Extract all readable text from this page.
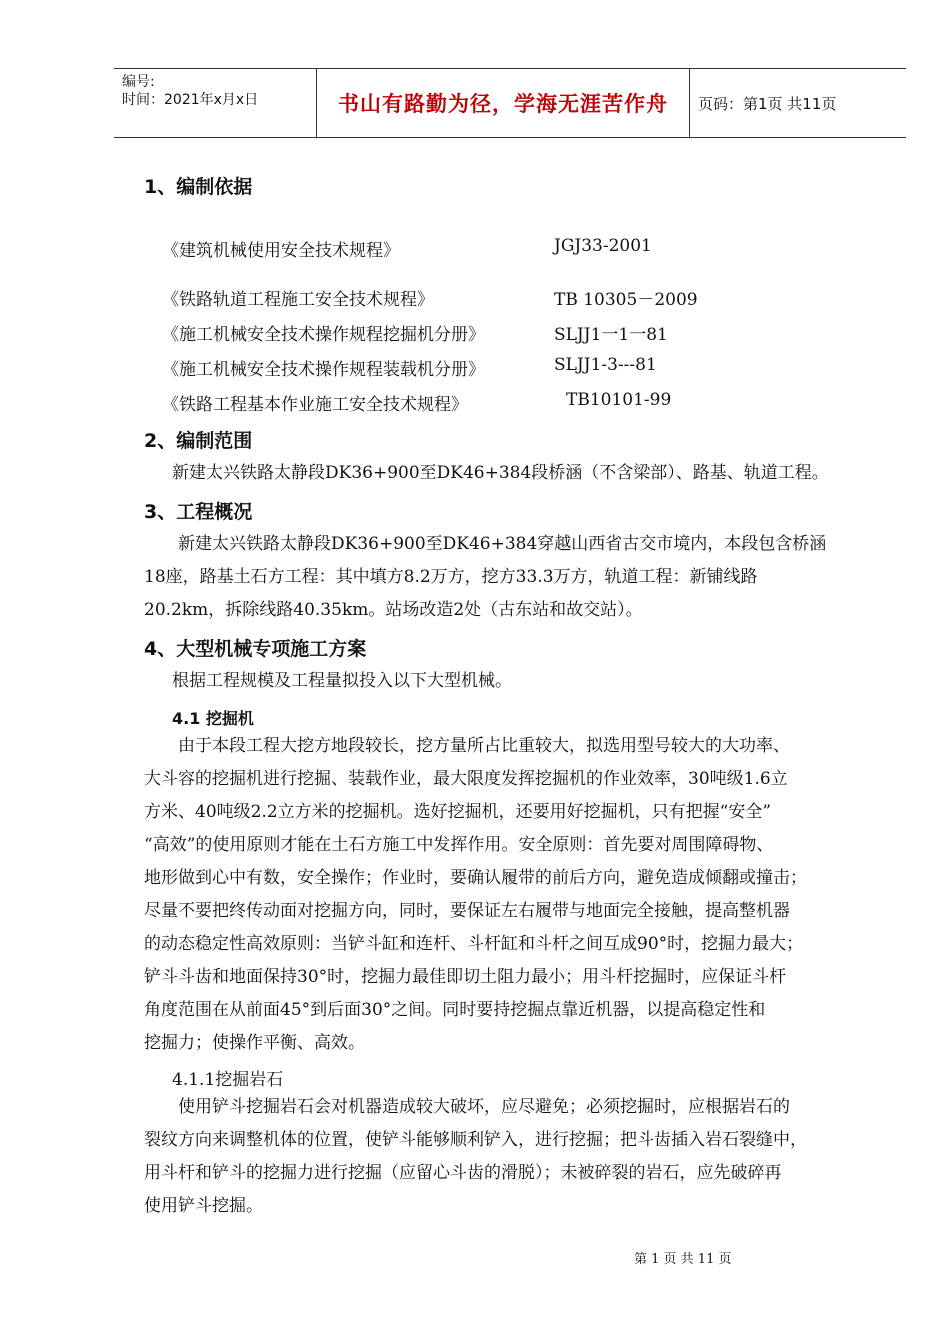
编号:
时间：2021年x月x日	书山有路勤为径，学海无涯苦作舟 页码：第1页 共11页
1、编制依据
《建筑机械使用安全技术规程》	JGJ33-2001
《铁路轨道工程施工安全技术规程》	TB 10305－2009
《施工机械安全技术操作规程挖掘机分册》	SLJJ1一1一81
《施工机械安全技术操作规程装载机分册》	SLJJ1-3---81
《铁路工程基本作业施工安全技术规程》	TB10101-99
2、编制范围

新建太兴铁路太静段DK36+900至DK46+384段桥涵（不含梁部）、路基、轨道工程。

3、工程概况

　　新建太兴铁路太静段DK36+900至DK46+384穿越山西省古交市境内，本段包含桥涵
18座，路基土石方工程：其中填方8.2万方，挖方33.3万方，轨道工程：新铺线路
20.2km，拆除线路40.35km。站场改造2处（古东站和故交站）。

4、大型机械专项施工方案

根据工程规模及工程量拟投入以下大型机械。

4.1 挖掘机

　　由于本段工程大挖方地段较长，挖方量所占比重较大，拟选用型号较大的大功率、
大斗容的挖掘机进行挖掘、装载作业，最大限度发挥挖掘机的作业效率，30吨级1.6立
方米、40吨级2.2立方米的挖掘机。选好挖掘机，还要用好挖掘机，只有把握“安全”
“高效”的使用原则才能在土石方施工中发挥作用。安全原则：首先要对周围障碍物、
地形做到心中有数，安全操作；作业时，要确认履带的前后方向，避免造成倾翻或撞击；
尽量不要把终传动面对挖掘方向，同时，要保证左右履带与地面完全接触，提高整机器
的动态稳定性高效原则：当铲斗缸和连杆、斗杆缸和斗杆之间互成90°时，挖掘力最大；
铲斗斗齿和地面保持30°时，挖掘力最佳即切土阻力最小；用斗杆挖掘时，应保证斗杆
角度范围在从前面45°到后面30°之间。同时要持挖掘点靠近机器，以提高稳定性和
挖掘力；使操作平衡、高效。

4.1.1挖掘岩石

　　使用铲斗挖掘岩石会对机器造成较大破坏，应尽避免；必须挖掘时，应根据岩石的
裂纹方向来调整机体的位置，使铲斗能够顺利铲入，进行挖掘；把斗齿插入岩石裂缝中，
用斗杆和铲斗的挖掘力进行挖掘（应留心斗齿的滑脱）；未被碎裂的岩石，应先破碎再
使用铲斗挖掘。

第 1 页 共 11 页
